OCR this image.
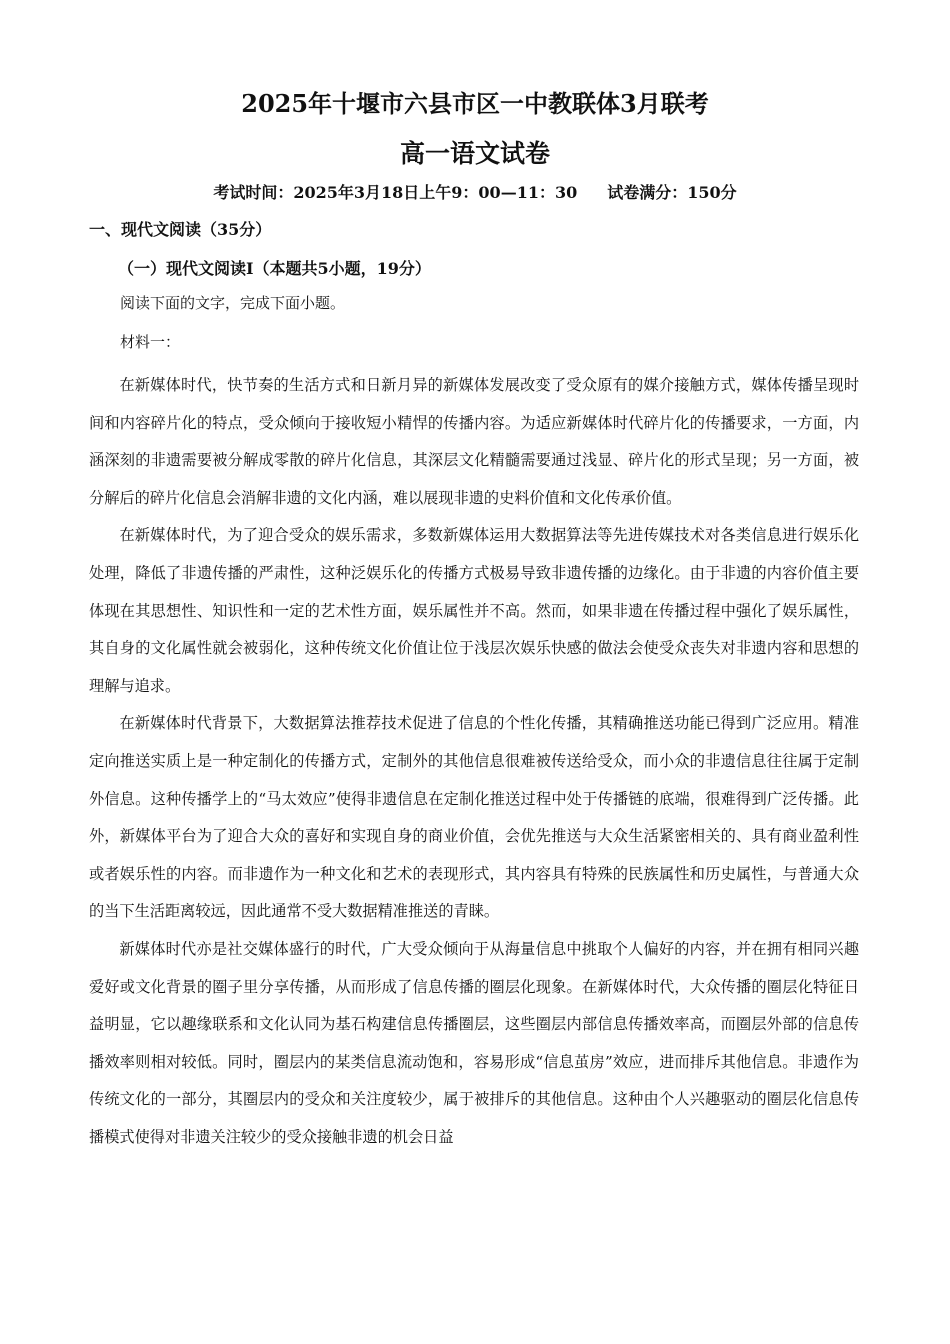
2025年十堰市六县市区一中教联体3月联考
高一语文试卷
考试时间：2025年3月18日上午9：00—11：30 试卷满分：150分
一、现代文阅读（35分）
（一）现代文阅读Ⅰ（本题共5小题，19分）
阅读下面的文字，完成下面小题。
材料一：

在新媒体时代，快节奏的生活方式和日新月异的新媒体发展改变了受众原有的媒介接触方式，媒体传播呈现时间和内容碎片化的特点，受众倾向于接收短小精悍的传播内容。为适应新媒体时代碎片化的传播要求，一方面，内涵深刻的非遗需要被分解成零散的碎片化信息，其深层文化精髓需要通过浅显、碎片化的形式呈现；另一方面，被分解后的碎片化信息会消解非遗的文化内涵，难以展现非遗的史料价值和文化传承价值。

在新媒体时代，为了迎合受众的娱乐需求，多数新媒体运用大数据算法等先进传媒技术对各类信息进行娱乐化处理，降低了非遗传播的严肃性，这种泛娱乐化的传播方式极易导致非遗传播的边缘化。由于非遗的内容价值主要体现在其思想性、知识性和一定的艺术性方面，娱乐属性并不高。然而，如果非遗在传播过程中强化了娱乐属性，其自身的文化属性就会被弱化，这种传统文化价值让位于浅层次娱乐快感的做法会使受众丧失对非遗内容和思想的理解与追求。

在新媒体时代背景下，大数据算法推荐技术促进了信息的个性化传播，其精确推送功能已得到广泛应用。精准定向推送实质上是一种定制化的传播方式，定制外的其他信息很难被传送给受众，而小众的非遗信息往往属于定制外信息。这种传播学上的“马太效应”使得非遗信息在定制化推送过程中处于传播链的底端，很难得到广泛传播。此外，新媒体平台为了迎合大众的喜好和实现自身的商业价值，会优先推送与大众生活紧密相关的、具有商业盈利性或者娱乐性的内容。而非遗作为一种文化和艺术的表现形式，其内容具有特殊的民族属性和历史属性，与普通大众的当下生活距离较远，因此通常不受大数据精准推送的青睐。

新媒体时代亦是社交媒体盛行的时代，广大受众倾向于从海量信息中挑取个人偏好的内容，并在拥有相同兴趣爱好或文化背景的圈子里分享传播，从而形成了信息传播的圈层化现象。在新媒体时代，大众传播的圈层化特征日益明显，它以趣缘联系和文化认同为基石构建信息传播圈层，这些圈层内部信息传播效率高，而圈层外部的信息传播效率则相对较低。同时，圈层内的某类信息流动饱和，容易形成“信息茧房”效应，进而排斥其他信息。非遗作为传统文化的一部分，其圈层内的受众和关注度较少，属于被排斥的其他信息。这种由个人兴趣驱动的圈层化信息传播模式使得对非遗关注较少的受众接触非遗的机会日益
